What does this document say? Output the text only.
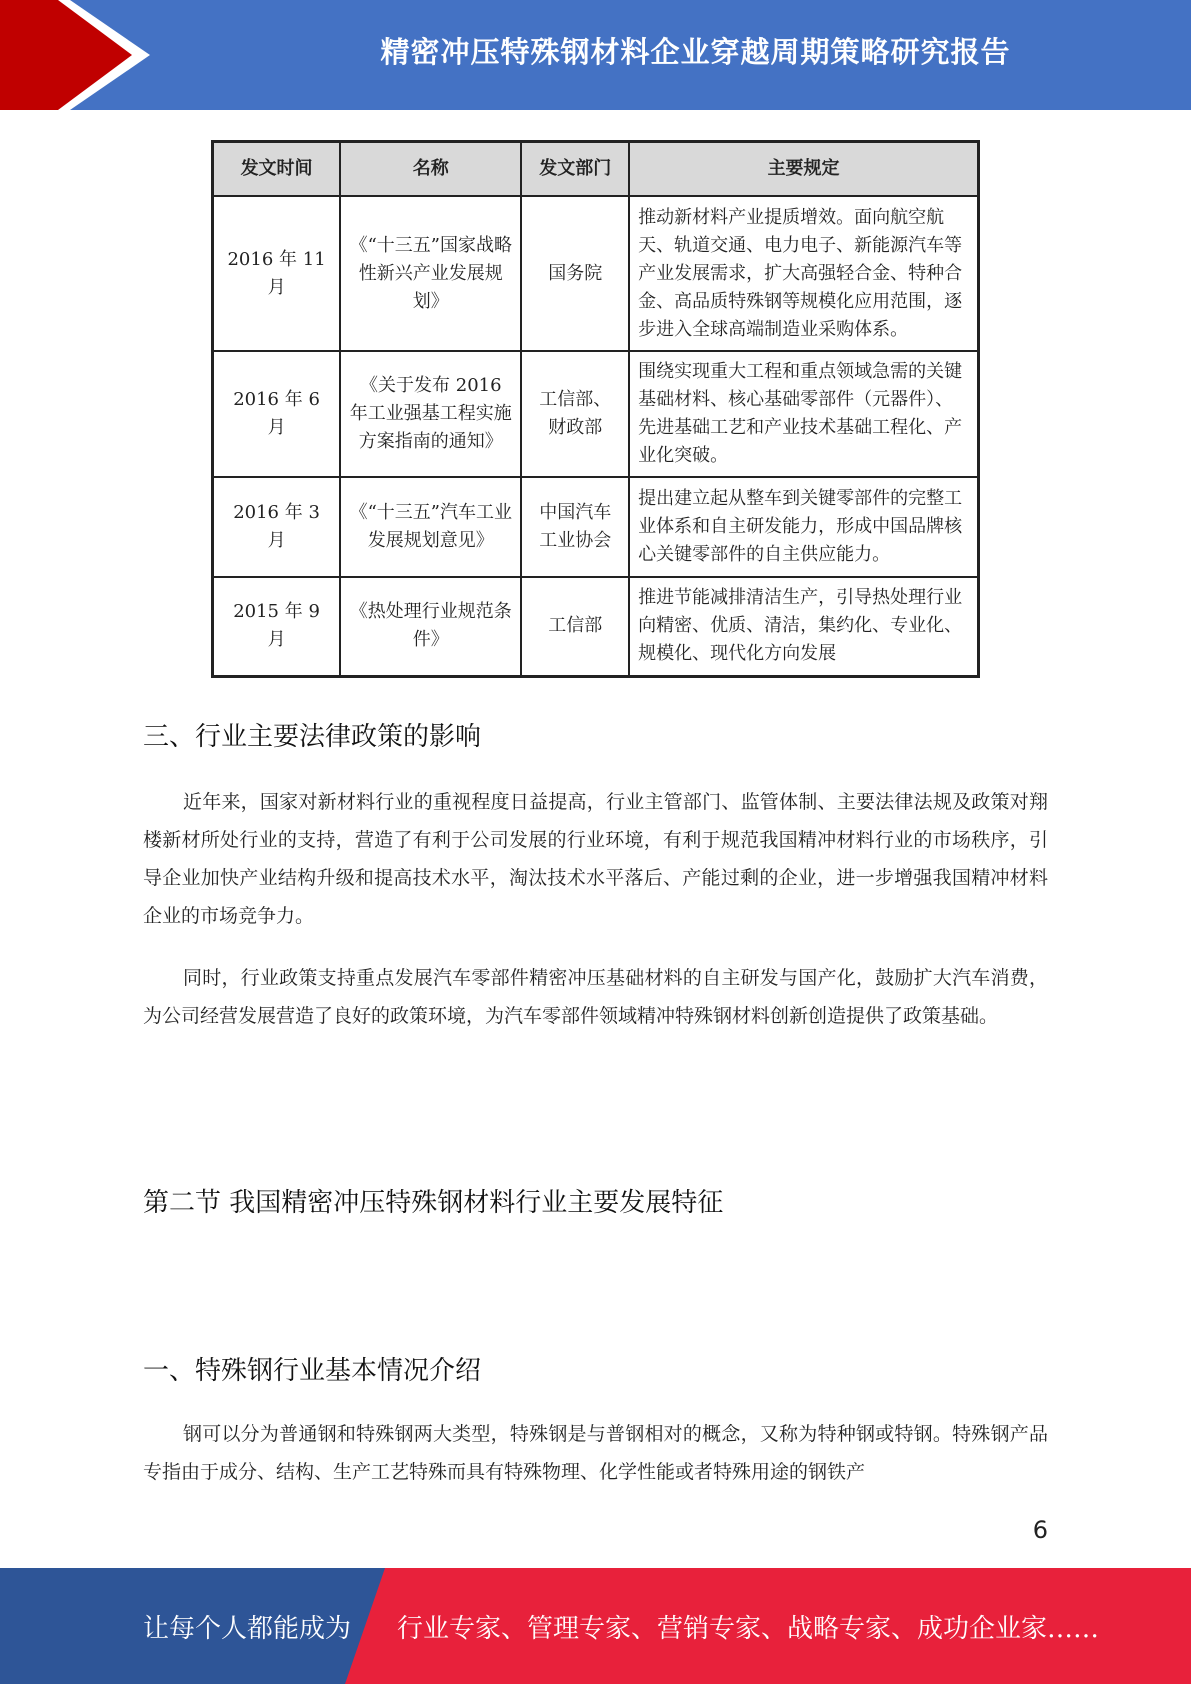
精密冲压特殊钢材料企业穿越周期策略研究报告
发文时间	名称	发文部门	主要规定
2016 年 11 月	《“十三五”国家战略性新兴产业发展规划》	国务院	推动新材料产业提质增效。面向航空航天、轨道交通、电力电子、新能源汽车等产业发展需求，扩大高强轻合金、特种合金、高品质特殊钢等规模化应用范围，逐步进入全球高端制造业采购体系。
2016 年 6 月	《关于发布 2016 年工业强基工程实施方案指南的通知》	工信部、财政部	围绕实现重大工程和重点领域急需的关键基础材料、核心基础零部件（元器件）、先进基础工艺和产业技术基础工程化、产业化突破。
2016 年 3 月	《“十三五”汽车工业发展规划意见》	中国汽车工业协会	提出建立起从整车到关键零部件的完整工业体系和自主研发能力，形成中国品牌核心关键零部件的自主供应能力。
2015 年 9 月	《热处理行业规范条件》	工信部	推进节能减排清洁生产，引导热处理行业向精密、优质、清洁，集约化、专业化、规模化、现代化方向发展
三、行业主要法律政策的影响

近年来，国家对新材料行业的重视程度日益提高，行业主管部门、监管体制、主要法律法规及政策对翔楼新材所处行业的支持，营造了有利于公司发展的行业环境，有利于规范我国精冲材料行业的市场秩序，引导企业加快产业结构升级和提高技术水平，淘汰技术水平落后、产能过剩的企业，进一步增强我国精冲材料企业的市场竞争力。

同时，行业政策支持重点发展汽车零部件精密冲压基础材料的自主研发与国产化，鼓励扩大汽车消费，为公司经营发展营造了良好的政策环境，为汽车零部件领域精冲特殊钢材料创新创造提供了政策基础。

第二节 我国精密冲压特殊钢材料行业主要发展特征
一、特殊钢行业基本情况介绍

钢可以分为普通钢和特殊钢两大类型，特殊钢是与普钢相对的概念，又称为特种钢或特钢。特殊钢产品专指由于成分、结构、生产工艺特殊而具有特殊物理、化学性能或者特殊用途的钢铁产

6
让每个人都能成为 行业专家、管理专家、营销专家、战略专家、成功企业家……
